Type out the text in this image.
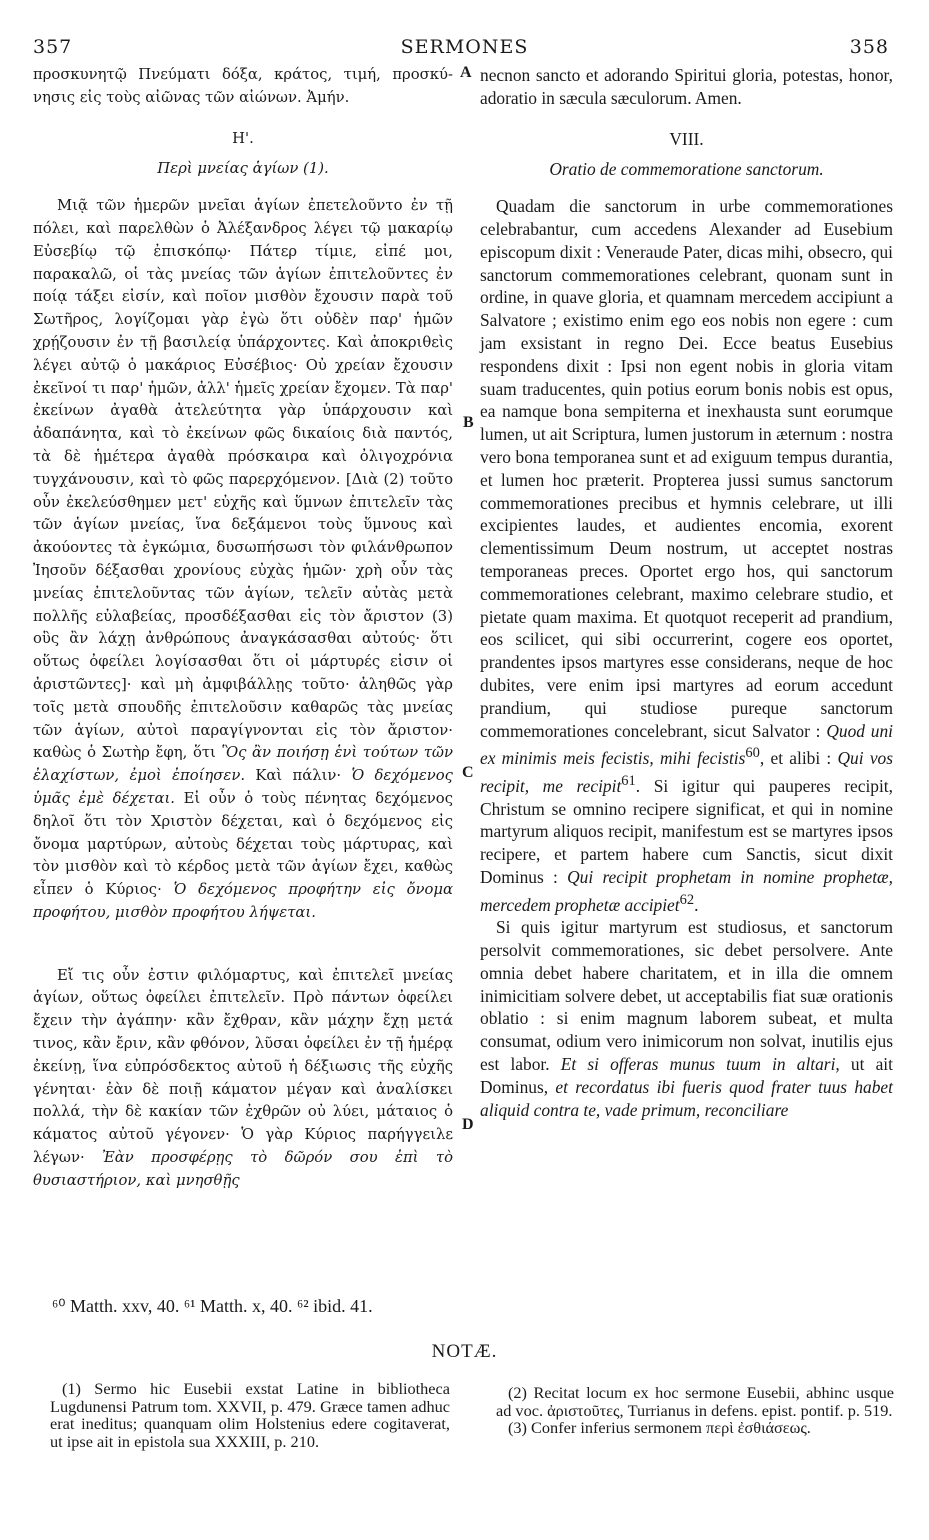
357	SERMONES	358

προσκυνητῷ Πνεύματι δόξα, κράτος, τιμή, προσκύ-νησις εἰς τοὺς αἰῶνας τῶν αἰώνων. Ἀμήν.

Η'.

Περὶ μνείας ἁγίων (1).

Μιᾷ τῶν ἡμερῶν μνεῖαι ἁγίων ἐπετελοῦντο ἐν τῇ πόλει, καὶ παρελθὼν ὁ Ἀλέξανδρος λέγει τῷ μακαρίῳ Εὐσεβίῳ τῷ ἐπισκόπῳ· Πάτερ τίμιε, εἰπέ μοι, παρακαλῶ, οἱ τὰς μνείας τῶν ἁγίων ἐπιτελοῦντες ἐν ποίᾳ τάξει εἰσίν, καὶ ποῖον μισθὸν ἔχουσιν παρὰ τοῦ Σωτῆρος, λογίζομαι γὰρ ἐγὼ ὅτι οὐδὲν παρ' ἡμῶν χρῄζουσιν ἐν τῇ βασιλείᾳ ὑπάρχοντες. Καὶ ἀποκριθεὶς λέγει αὐτῷ ὁ μακάριος Εὐσέβιος· Οὐ χρείαν ἔχουσιν ἐκεῖνοί τι παρ' ἡμῶν, ἀλλ' ἡμεῖς χρείαν ἔχομεν. Τὰ παρ' ἐκείνων ἀγαθὰ ἀτελεύτητα γὰρ ὑπάρχουσιν καὶ ἀδαπάνητα, καὶ τὸ ἐκείνων φῶς δικαίοις διὰ παντός, τὰ δὲ ἡμέτερα ἀγαθὰ πρόσκαιρα καὶ ὀλιγοχρόνια τυγχάνουσιν, καὶ τὸ φῶς παρερχόμενον. [Διὰ (2) τοῦτο οὖν ἐκελεύσθημεν μετ' εὐχῆς καὶ ὕμνων ἐπιτελεῖν τὰς τῶν ἁγίων μνείας, ἵνα δεξάμενοι τοὺς ὕμνους καὶ ἀκούοντες τὰ ἐγκώμια, δυσωπήσωσι τὸν φιλάνθρωπον Ἰησοῦν δέξασθαι χρονίους εὐχὰς ἡμῶν· χρὴ οὖν τὰς μνείας ἐπιτελοῦντας τῶν ἁγίων, τελεῖν αὐτὰς μετὰ πολλῆς εὐλαβείας, προσδέξασθαι εἰς τὸν ἄριστον (3) οὓς ἂν λάχῃ ἀνθρώπους ἀναγκάσασθαι αὐτούς· ὅτι οὕτως ὀφείλει λογίσασθαι ὅτι οἱ μάρτυρές εἰσιν οἱ ἀριστῶντες]· καὶ μὴ ἀμφιβάλλῃς τοῦτο· ἀληθῶς γὰρ τοῖς μετὰ σπουδῆς ἐπιτελοῦσιν καθαρῶς τὰς μνείας τῶν ἁγίων, αὐτοὶ παραγίγνονται εἰς τὸν ἄριστον· καθὼς ὁ Σωτὴρ ἔφη, ὅτι Ὃς ἂν ποιήσῃ ἑνὶ τούτων τῶν ἐλαχίστων, ἐμοὶ ἐποίησεν. Καὶ πάλιν· Ὁ δεχόμενος ὑμᾶς ἐμὲ δέχεται. Εἰ οὖν ὁ τοὺς πένητας δεχόμενος δηλοῖ ὅτι τὸν Χριστὸν δέχεται, καὶ ὁ δεχόμενος εἰς ὄνομα μαρτύρων, αὐτοὺς δέχεται τοὺς μάρτυρας, καὶ τὸν μισθὸν καὶ τὸ κέρδος μετὰ τῶν ἁγίων ἔχει, καθὼς εἶπεν ὁ Κύριος· Ὁ δεχόμενος προφήτην εἰς ὄνομα προφήτου, μισθὸν προφήτου λήψεται.

Εἴ τις οὖν ἐστιν φιλόμαρτυς, καὶ ἐπιτελεῖ μνείας ἁγίων, οὕτως ὀφείλει ἐπιτελεῖν. Πρὸ πάντων ὀφείλει ἔχειν τὴν ἀγάπην· κἂν ἔχθραν, κἂν μάχην ἔχῃ μετά τινος, κἂν ἔριν, κἂν φθόνον, λῦσαι ὀφείλει ἐν τῇ ἡμέρᾳ ἐκείνῃ, ἵνα εὐπρόσδεκτος αὐτοῦ ἡ δέξιωσις τῆς εὐχῆς γένηται· ἐὰν δὲ ποιῇ κάματον μέγαν καὶ ἀναλίσκει πολλά, τὴν δὲ κακίαν τῶν ἐχθρῶν οὐ λύει, μάταιος ὁ κάματος αὐτοῦ γέγονεν· Ὁ γὰρ Κύριος παρήγγειλε λέγων· Ἐὰν προσφέρῃς τὸ δῶρόν σου ἐπὶ τὸ θυσιαστήριον, καὶ μνησθῇς

necnon sancto et adorando Spiritui gloria, potestas, honor, adoratio in sæcula sæculorum. Amen.

VIII.

Oratio de commemoratione sanctorum.

Quadam die sanctorum in urbe commemorationes celebrabantur, cum accedens Alexander ad Eusebium episcopum dixit : Veneraude Pater, dicas mihi, obsecro, qui sanctorum commemorationes celebrant, quonam sunt in ordine, in quave gloria, et quamnam mercedem accipiunt a Salvatore ; existimo enim ego eos nobis non egere : cum jam exsistant in regno Dei. Ecce beatus Eusebius respondens dixit : Ipsi non egent nobis in gloria vitam suam traducentes, quin potius eorum bonis nobis est opus, ea namque bona sempiterna et inexhausta sunt eorumque lumen, ut ait Scriptura, lumen justorum in æternum : nostra vero bona temporanea sunt et ad exiguum tempus durantia, et lumen hoc præterit. Propterea jussi sumus sanctorum commemorationes precibus et hymnis celebrare, ut illi excipientes laudes, et audientes encomia, exorent clementissimum Deum nostrum, ut acceptet nostras temporaneas preces. Oportet ergo hos, qui sanctorum commemorationes celebrant, maximo celebrare studio, et pietate quam maxima. Et quotquot receperit ad prandium, eos scilicet, qui sibi occurrerint, cogere eos oportet, prandentes ipsos martyres esse considerans, neque de hoc dubites, vere enim ipsi martyres ad eorum accedunt prandium, qui studiose pureque sanctorum commemorationes concelebrant, sicut Salvator : Quod uni ex minimis meis fecistis, mihi fecistis$^{60}$, et alibi : Qui vos recipit, me recipit$^{61}$. Si igitur qui pauperes recipit, Christum se omnino recipere significat, et qui in nomine martyrum aliquos recipit, manifestum est se martyres ipsos recipere, et partem habere cum Sanctis, sicut dixit Dominus : Qui recipit prophetam in nomine prophetæ, mercedem prophetæ accipiet$^{62}$.

Si quis igitur martyrum est studiosus, et sanctorum persolvit commemorationes, sic debet persolvere. Ante omnia debet habere charitatem, et in illa die omnem inimicitiam solvere debet, ut acceptabilis fiat suæ orationis oblatio : si enim magnum laborem subeat, et multa consumat, odium vero inimicorum non solvat, inutilis ejus est labor. Et si offeras munus tuum in altari, ut ait Dominus, et recordatus ibi fueris quod frater tuus habet aliquid contra te, vade primum, reconciliare

A
B
C
D
⁶⁰ Matth. xxv, 40. ⁶¹ Matth. x, 40. ⁶² ibid. 41.
NOTÆ.

(1) Sermo hic Eusebii exstat Latine in bibliotheca Lugdunensi Patrum tom. XXVII, p. 479. Græce tamen adhuc erat ineditus; quanquam olim Holstenius edere cogitaverat, ut ipse ait in epistola sua XXXIII, p. 210.

(2) Recitat locum ex hoc sermone Eusebii, abhinc usque ad voc. ἀριστοῦτες, Turrianus in defens. epist. pontif. p. 519.

(3) Confer inferius sermonem περὶ ἐσθιάσεως.
